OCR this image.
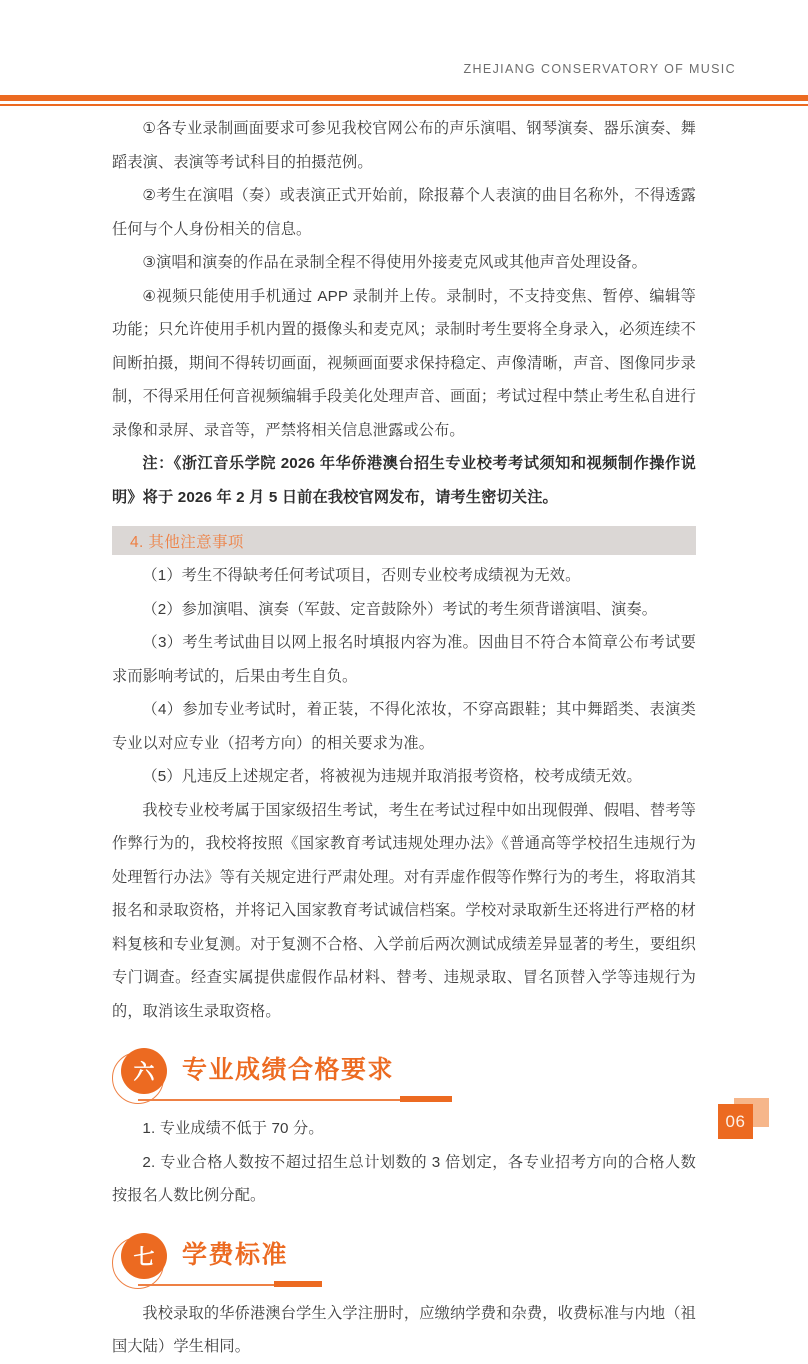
ZHEJIANG CONSERVATORY OF MUSIC

①各专业录制画面要求可参见我校官网公布的声乐演唱、钢琴演奏、器乐演奏、舞蹈表演、表演等考试科目的拍摄范例。

②考生在演唱（奏）或表演正式开始前，除报幕个人表演的曲目名称外，不得透露任何与个人身份相关的信息。

③演唱和演奏的作品在录制全程不得使用外接麦克风或其他声音处理设备。

④视频只能使用手机通过 APP 录制并上传。录制时，不支持变焦、暂停、编辑等功能；只允许使用手机内置的摄像头和麦克风；录制时考生要将全身录入，必须连续不间断拍摄，期间不得转切画面，视频画面要求保持稳定、声像清晰，声音、图像同步录制，不得采用任何音视频编辑手段美化处理声音、画面；考试过程中禁止考生私自进行录像和录屏、录音等，严禁将相关信息泄露或公布。

注：《浙江音乐学院 2026 年华侨港澳台招生专业校考考试须知和视频制作操作说明》将于 2026 年 2 月 5 日前在我校官网发布，请考生密切关注。

4. 其他注意事项

（1）考生不得缺考任何考试项目，否则专业校考成绩视为无效。

（2）参加演唱、演奏（军鼓、定音鼓除外）考试的考生须背谱演唱、演奏。

（3）考生考试曲目以网上报名时填报内容为准。因曲目不符合本简章公布考试要求而影响考试的，后果由考生自负。

（4）参加专业考试时，着正装，不得化浓妆，不穿高跟鞋；其中舞蹈类、表演类专业以对应专业（招考方向）的相关要求为准。

（5）凡违反上述规定者，将被视为违规并取消报考资格，校考成绩无效。

我校专业校考属于国家级招生考试，考生在考试过程中如出现假弹、假唱、替考等作弊行为的，我校将按照《国家教育考试违规处理办法》《普通高等学校招生违规行为处理暂行办法》等有关规定进行严肃处理。对有弄虚作假等作弊行为的考生，将取消其报名和录取资格，并将记入国家教育考试诚信档案。学校对录取新生还将进行严格的材料复核和专业复测。对于复测不合格、入学前后两次测试成绩差异显著的考生，要组织专门调查。经查实属提供虚假作品材料、替考、违规录取、冒名顶替入学等违规行为的，取消该生录取资格。

六	专业成绩合格要求

1. 专业成绩不低于 70 分。

2. 专业合格人数按不超过招生总计划数的 3 倍划定，各专业招考方向的合格人数按报名人数比例分配。

七	学费标准

我校录取的华侨港澳台学生入学注册时，应缴纳学费和杂费，收费标准与内地（祖国大陆）学生相同。

06
